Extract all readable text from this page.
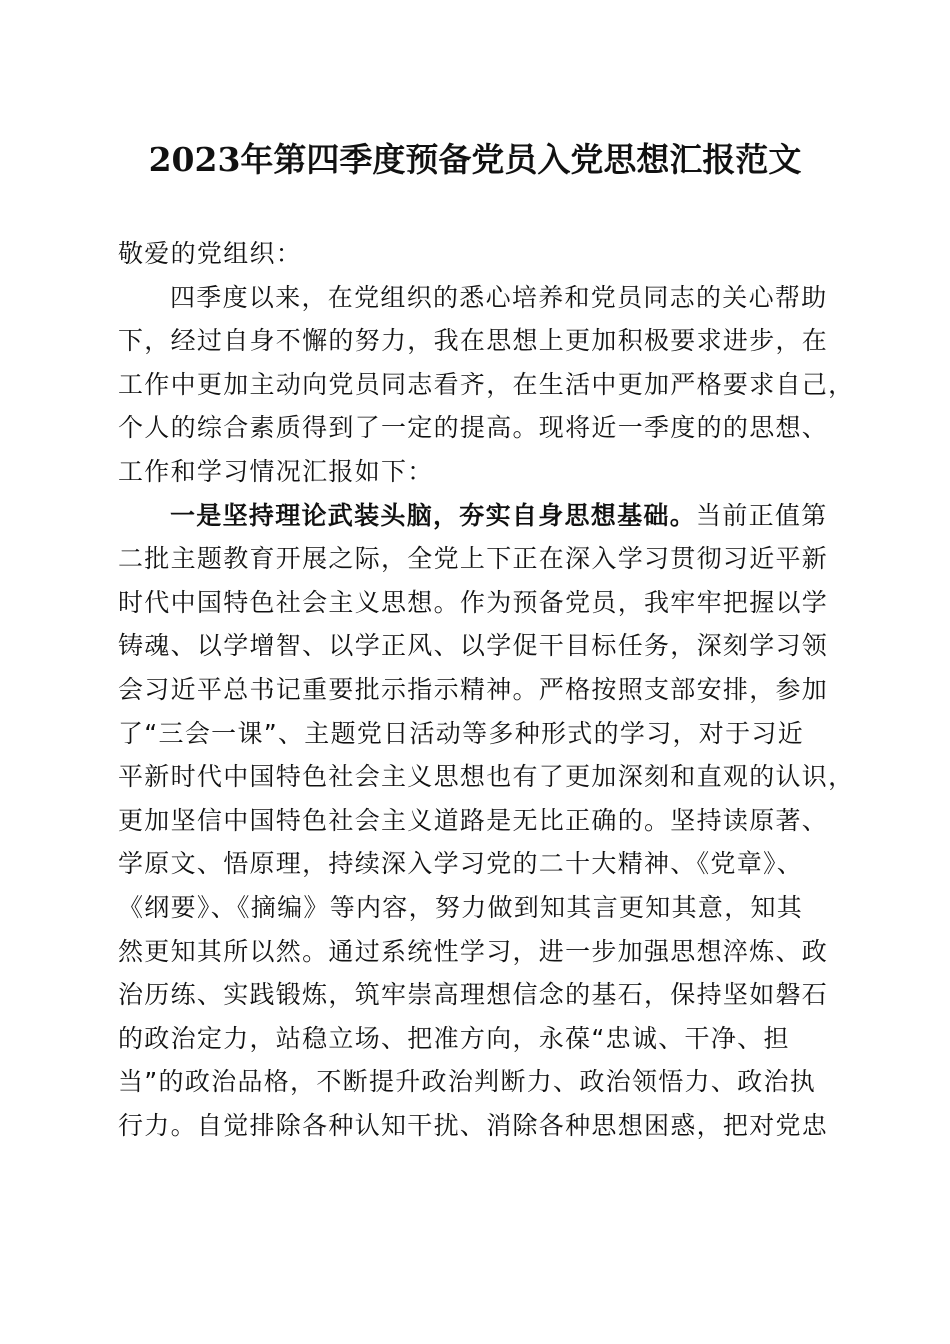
2023年第四季度预备党员入党思想汇报范文
敬爱的党组织：
四季度以来，在党组织的悉心培养和党员同志的关心帮助
下，经过自身不懈的努力，我在思想上更加积极要求进步，在
工作中更加主动向党员同志看齐，在生活中更加严格要求自己，
个人的综合素质得到了一定的提高。现将近一季度的的思想、
工作和学习情况汇报如下：
一是坚持理论武装头脑，夯实自身思想基础。当前正值第
二批主题教育开展之际，全党上下正在深入学习贯彻习近平新
时代中国特色社会主义思想。作为预备党员，我牢牢把握以学
铸魂、以学增智、以学正风、以学促干目标任务，深刻学习领
会习近平总书记重要批示指示精神。严格按照支部安排，参加
了“三会一课”、主题党日活动等多种形式的学习，对于习近
平新时代中国特色社会主义思想也有了更加深刻和直观的认识，
更加坚信中国特色社会主义道路是无比正确的。坚持读原著、
学原文、悟原理，持续深入学习党的二十大精神、《党章》、
《纲要》、《摘编》等内容，努力做到知其言更知其意，知其
然更知其所以然。通过系统性学习，进一步加强思想淬炼、政
治历练、实践锻炼，筑牢崇高理想信念的基石，保持坚如磐石
的政治定力，站稳立场、把准方向，永葆“忠诚、干净、担
当”的政治品格，不断提升政治判断力、政治领悟力、政治执
行力。自觉排除各种认知干扰、消除各种思想困惑，把对党忠
